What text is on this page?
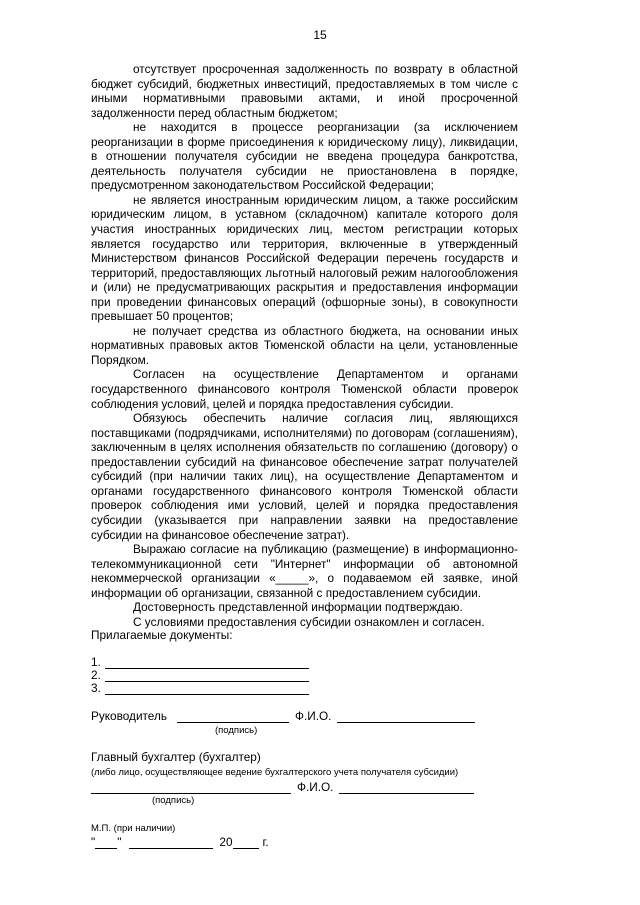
15

отсутствует просроченная задолженность по возврату в областной бюджет субсидий, бюджетных инвестиций, предоставляемых в том числе с иными нормативными правовыми актами, и иной просроченной задолженности перед областным бюджетом;

не находится в процессе реорганизации (за исключением реорганизации в форме присоединения к юридическому лицу), ликвидации, в отношении получателя субсидии не введена процедура банкротства, деятельность получателя субсидии не приостановлена в порядке, предусмотренном законодательством Российской Федерации;

не является иностранным юридическим лицом, а также российским юридическим лицом, в уставном (складочном) капитале которого доля участия иностранных юридических лиц, местом регистрации которых является государство или территория, включенные в утвержденный Министерством финансов Российской Федерации перечень государств и территорий, предоставляющих льготный налоговый режим налогообложения и (или) не предусматривающих раскрытия и предоставления информации при проведении финансовых операций (офшорные зоны), в совокупности превышает 50 процентов;

не получает средства из областного бюджета, на основании иных нормативных правовых актов Тюменской области на цели, установленные Порядком.

Согласен на осуществление Департаментом и органами государственного финансового контроля Тюменской области проверок соблюдения условий, целей и порядка предоставления субсидии.

Обязуюсь обеспечить наличие согласия лиц, являющихся поставщиками (подрядчиками, исполнителями) по договорам (соглашениям), заключенным в целях исполнения обязательств по соглашению (договору) о предоставлении субсидий на финансовое обеспечение затрат получателей субсидий (при наличии таких лиц), на осуществление Департаментом и органами государственного финансового контроля Тюменской области проверок соблюдения ими условий, целей и порядка предоставления субсидии (указывается при направлении заявки на предоставление субсидии на финансовое обеспечение затрат).

Выражаю согласие на публикацию (размещение) в информационно-телекоммуникационной сети "Интернет" информации об автономной некоммерческой организации «_____», о подаваемом ей заявке, иной информации об организации, связанной с предоставлением субсидии.

Достоверность представленной информации подтверждаю.

С условиями предоставления субсидии ознакомлен и согласен.

Прилагаемые документы:
1.
2.
3.
Руководитель	Ф.И.О.
(подпись)
Главный бухгалтер (бухгалтер)
(либо лицо, осуществляющее ведение бухгалтерского учета получателя субсидии)
Ф.И.О.
(подпись)
М.П. (при наличии)
" "	20	г.
